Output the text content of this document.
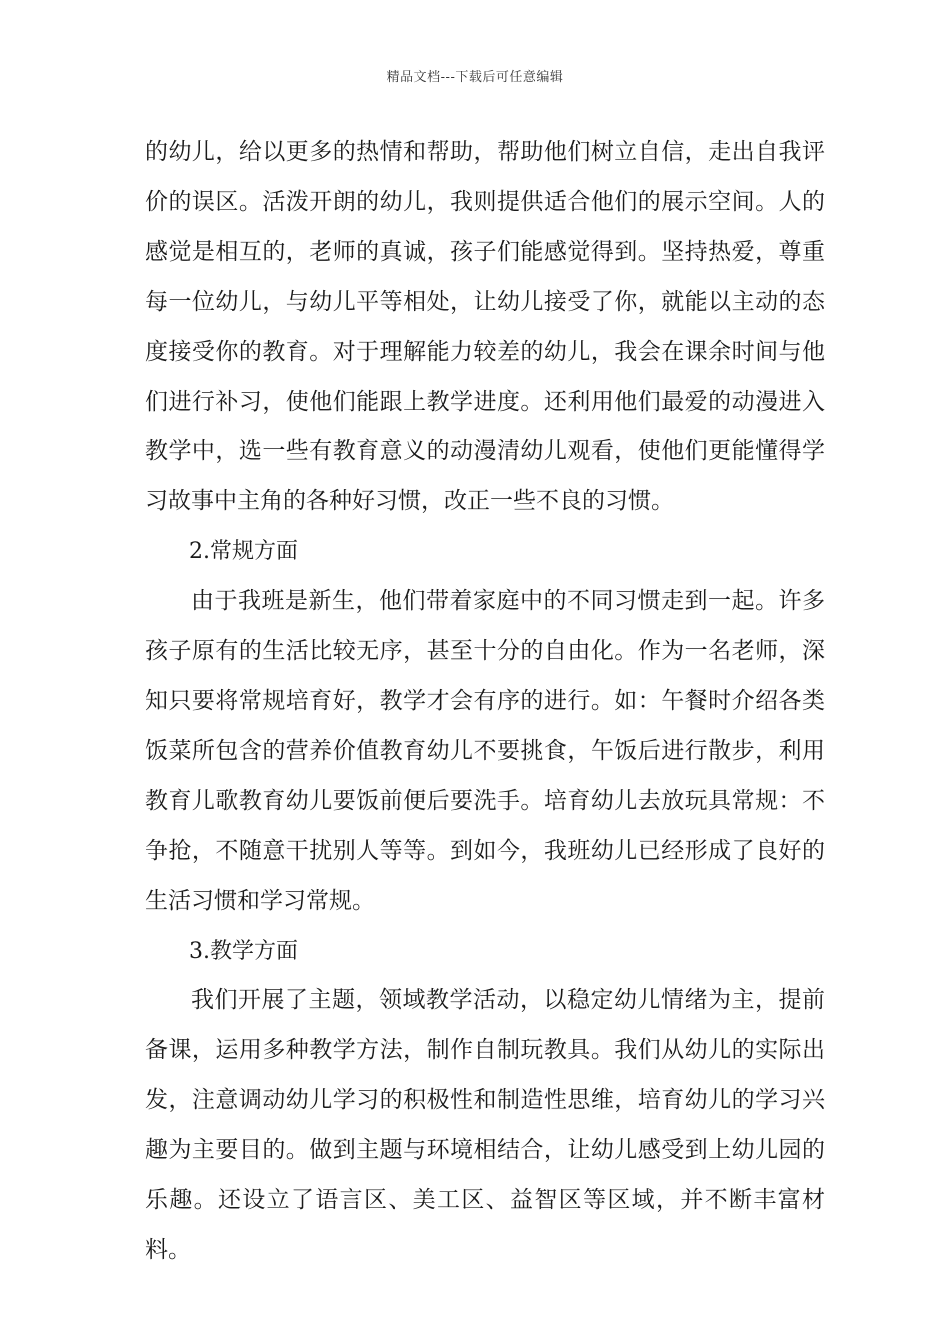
精品文档---下载后可任意编辑

的幼儿，给以更多的热情和帮助，帮助他们树立自信，走出自我评价的误区。活泼开朗的幼儿，我则提供适合他们的展示空间。人的感觉是相互的，老师的真诚，孩子们能感觉得到。坚持热爱，尊重每一位幼儿，与幼儿平等相处，让幼儿接受了你，就能以主动的态度接受你的教育。对于理解能力较差的幼儿，我会在课余时间与他们进行补习，使他们能跟上教学进度。还利用他们最爱的动漫进入教学中，选一些有教育意义的动漫清幼儿观看，使他们更能懂得学习故事中主角的各种好习惯，改正一些不良的习惯。

2.常规方面

由于我班是新生，他们带着家庭中的不同习惯走到一起。许多孩子原有的生活比较无序，甚至十分的自由化。作为一名老师，深知只要将常规培育好，教学才会有序的进行。如：午餐时介绍各类饭菜所包含的营养价值教育幼儿不要挑食，午饭后进行散步，利用教育儿歌教育幼儿要饭前便后要洗手。培育幼儿去放玩具常规：不争抢，不随意干扰别人等等。到如今，我班幼儿已经形成了良好的生活习惯和学习常规。

3.教学方面

我们开展了主题，领域教学活动，以稳定幼儿情绪为主，提前备课，运用多种教学方法，制作自制玩教具。我们从幼儿的实际出发，注意调动幼儿学习的积极性和制造性思维，培育幼儿的学习兴趣为主要目的。做到主题与环境相结合，让幼儿感受到上幼儿园的乐趣。还设立了语言区、美工区、益智区等区域，并不断丰富材料。
